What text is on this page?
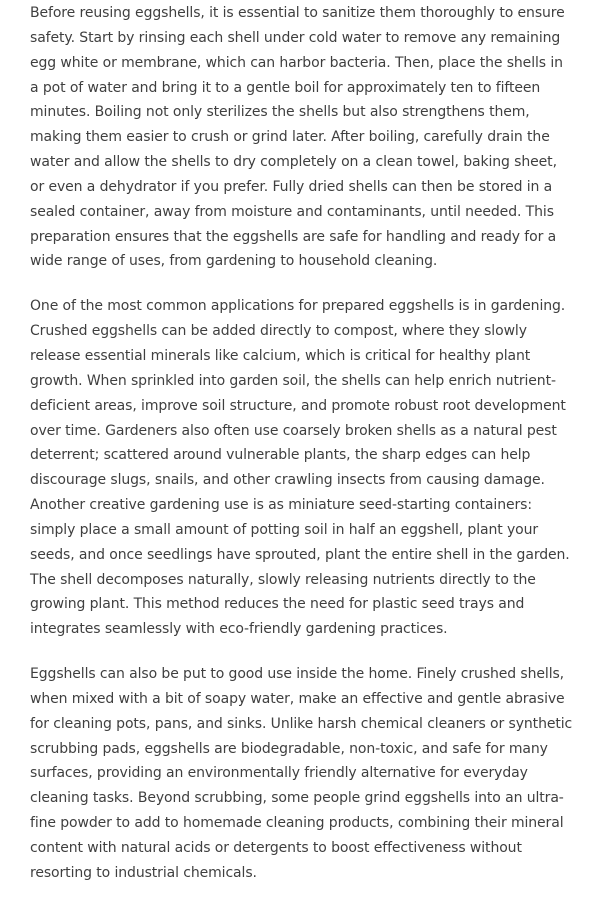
Before reusing eggshells, it is essential to sanitize them thoroughly to ensure safety. Start by rinsing each shell under cold water to remove any remaining egg white or membrane, which can harbor bacteria. Then, place the shells in a pot of water and bring it to a gentle boil for approximately ten to fifteen minutes. Boiling not only sterilizes the shells but also strengthens them, making them easier to crush or grind later. After boiling, carefully drain the water and allow the shells to dry completely on a clean towel, baking sheet, or even a dehydrator if you prefer. Fully dried shells can then be stored in a sealed container, away from moisture and contaminants, until needed. This preparation ensures that the eggshells are safe for handling and ready for a wide range of uses, from gardening to household cleaning.

One of the most common applications for prepared eggshells is in gardening. Crushed eggshells can be added directly to compost, where they slowly release essential minerals like calcium, which is critical for healthy plant growth. When sprinkled into garden soil, the shells can help enrich nutrient-deficient areas, improve soil structure, and promote robust root development over time. Gardeners also often use coarsely broken shells as a natural pest deterrent; scattered around vulnerable plants, the sharp edges can help discourage slugs, snails, and other crawling insects from causing damage. Another creative gardening use is as miniature seed-starting containers: simply place a small amount of potting soil in half an eggshell, plant your seeds, and once seedlings have sprouted, plant the entire shell in the garden. The shell decomposes naturally, slowly releasing nutrients directly to the growing plant. This method reduces the need for plastic seed trays and integrates seamlessly with eco-friendly gardening practices.

Eggshells can also be put to good use inside the home. Finely crushed shells, when mixed with a bit of soapy water, make an effective and gentle abrasive for cleaning pots, pans, and sinks. Unlike harsh chemical cleaners or synthetic scrubbing pads, eggshells are biodegradable, non-toxic, and safe for many surfaces, providing an environmentally friendly alternative for everyday cleaning tasks. Beyond scrubbing, some people grind eggshells into an ultra-fine powder to add to homemade cleaning products, combining their mineral content with natural acids or detergents to boost effectiveness without resorting to industrial chemicals.
